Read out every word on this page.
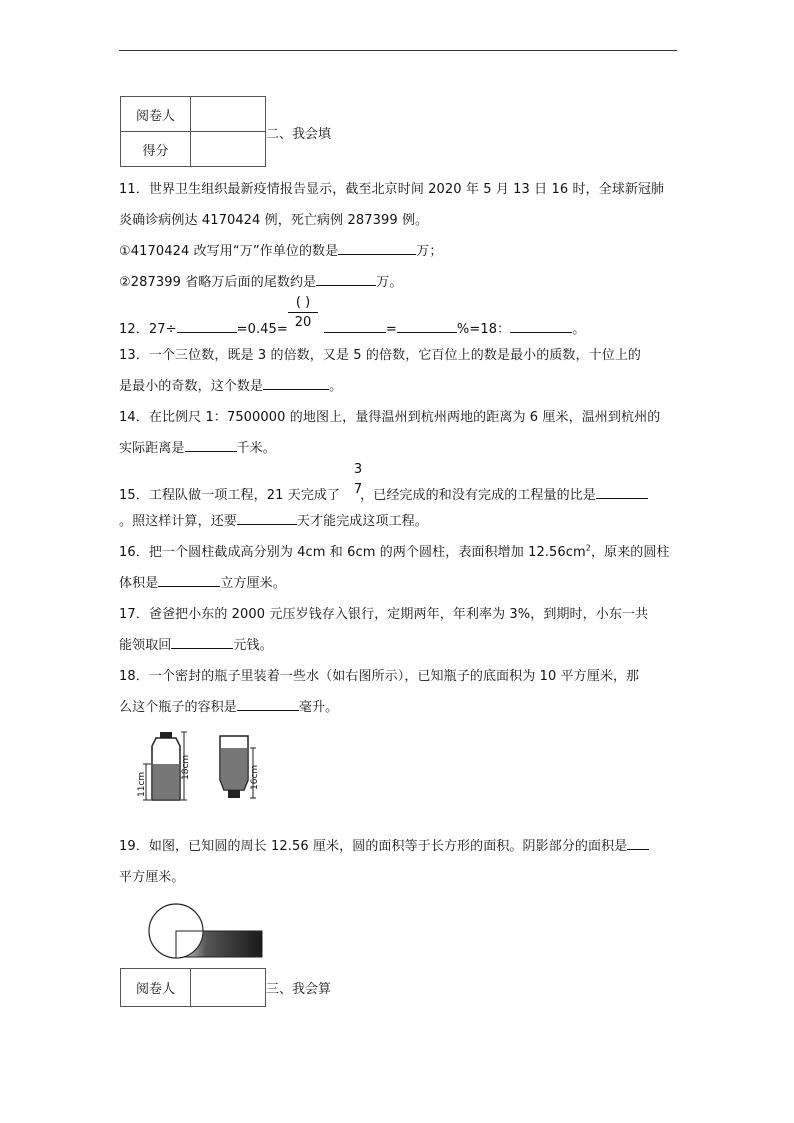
阅卷人	
得分	
二、我会填
11．世界卫生组织最新疫情报告显示，截至北京时间 2020 年 5 月 13 日 16 时，全球新冠肺
炎确诊病例达 4170424 例，死亡病例 287399 例。
①4170424 改写用“万”作单位的数是	万；
②287399 省略万后面的尾数约是	万。
12．27÷	=0.45=	=	%=18：	。
( )
20
13．一个三位数，既是 3 的倍数，又是 5 的倍数，它百位上的数是最小的质数，十位上的
是最小的奇数，这个数是	。
14．在比例尺 1：7500000 的地图上，量得温州到杭州两地的距离为 6 厘米，温州到杭州的
实际距离是	千米。
15．工程队做一项工程，21 天完成了 ，已经完成的和没有完成的工程量的比是
3
7
。照这样计算，还要	天才能完成这项工程。
16．把一个圆柱截成高分别为 4cm 和 6cm 的两个圆柱，表面积增加 $12.56cm^2$，原来的圆柱
体积是	立方厘米。
17．爸爸把小东的 2000 元压岁钱存入银行，定期两年，年利率为 3%，到期时，小东一共
能领取回	元钱。
18．一个密封的瓶子里装着一些水（如右图所示），已知瓶子的底面积为 10 平方厘米，那
么这个瓶子的容积是	毫升。
11cm
18cm	16cm
19．如图，已知圆的周长 12.56 厘米，圆的面积等于长方形的面积。阴影部分的面积是
平方厘米。
阅卷人		三、我会算
